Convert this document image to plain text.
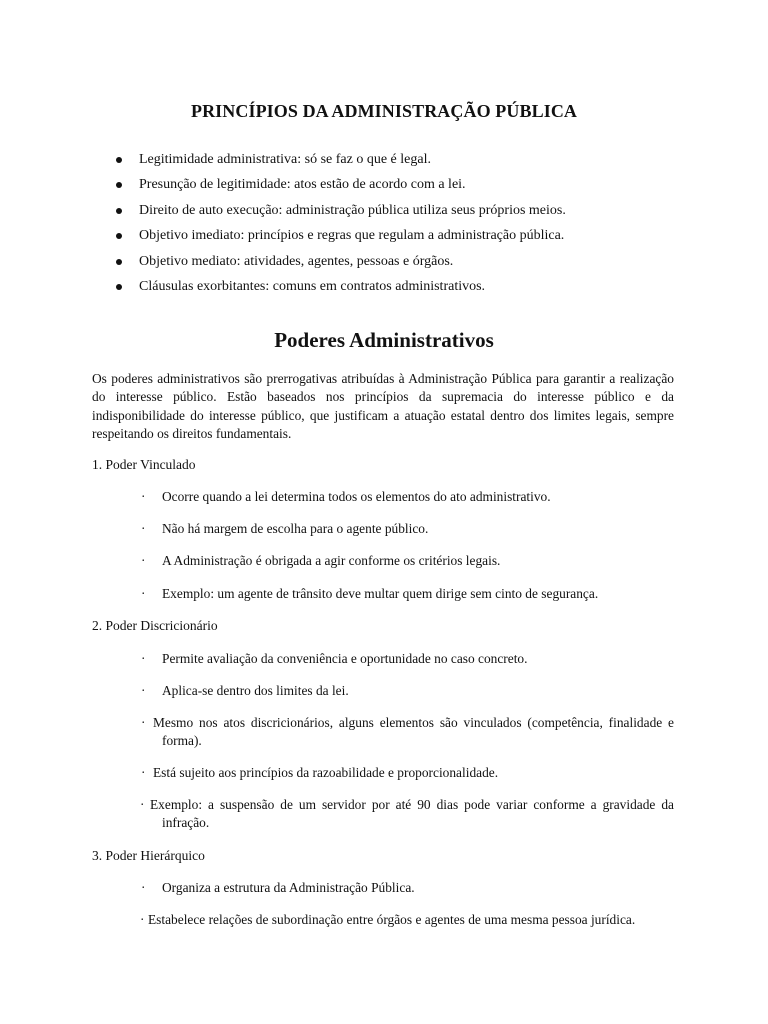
PRINCÍPIOS DA ADMINISTRAÇÃO PÚBLICA
Legitimidade administrativa: só se faz o que é legal.
Presunção de legitimidade: atos estão de acordo com a lei.
Direito de auto execução: administração pública utiliza seus próprios meios.
Objetivo imediato: princípios e regras que regulam a administração pública.
Objetivo mediato: atividades, agentes, pessoas e órgãos.
Cláusulas exorbitantes: comuns em contratos administrativos.
Poderes Administrativos

Os poderes administrativos são prerrogativas atribuídas à Administração Pública para garantir a realização do interesse público. Estão baseados nos princípios da supremacia do interesse público e da indisponibilidade do interesse público, que justificam a atuação estatal dentro dos limites legais, sempre respeitando os direitos fundamentais.

1. Poder Vinculado

·	Ocorre quando a lei determina todos os elementos do ato administrativo.

·	Não há margem de escolha para o agente público.

·	A Administração é obrigada a agir conforme os critérios legais.

·	Exemplo: um agente de trânsito deve multar quem dirige sem cinto de segurança.

2. Poder Discricionário

·	Permite avaliação da conveniência e oportunidade no caso concreto.

·	Aplica-se dentro dos limites da lei.

· Mesmo nos atos discricionários, alguns elementos são vinculados (competência, finalidade e forma).

· Está sujeito aos princípios da razoabilidade e proporcionalidade.

· Exemplo: a suspensão de um servidor por até 90 dias pode variar conforme a gravidade da infração.

3. Poder Hierárquico

·	Organiza a estrutura da Administração Pública.

· Estabelece relações de subordinação entre órgãos e agentes de uma mesma pessoa jurídica.
